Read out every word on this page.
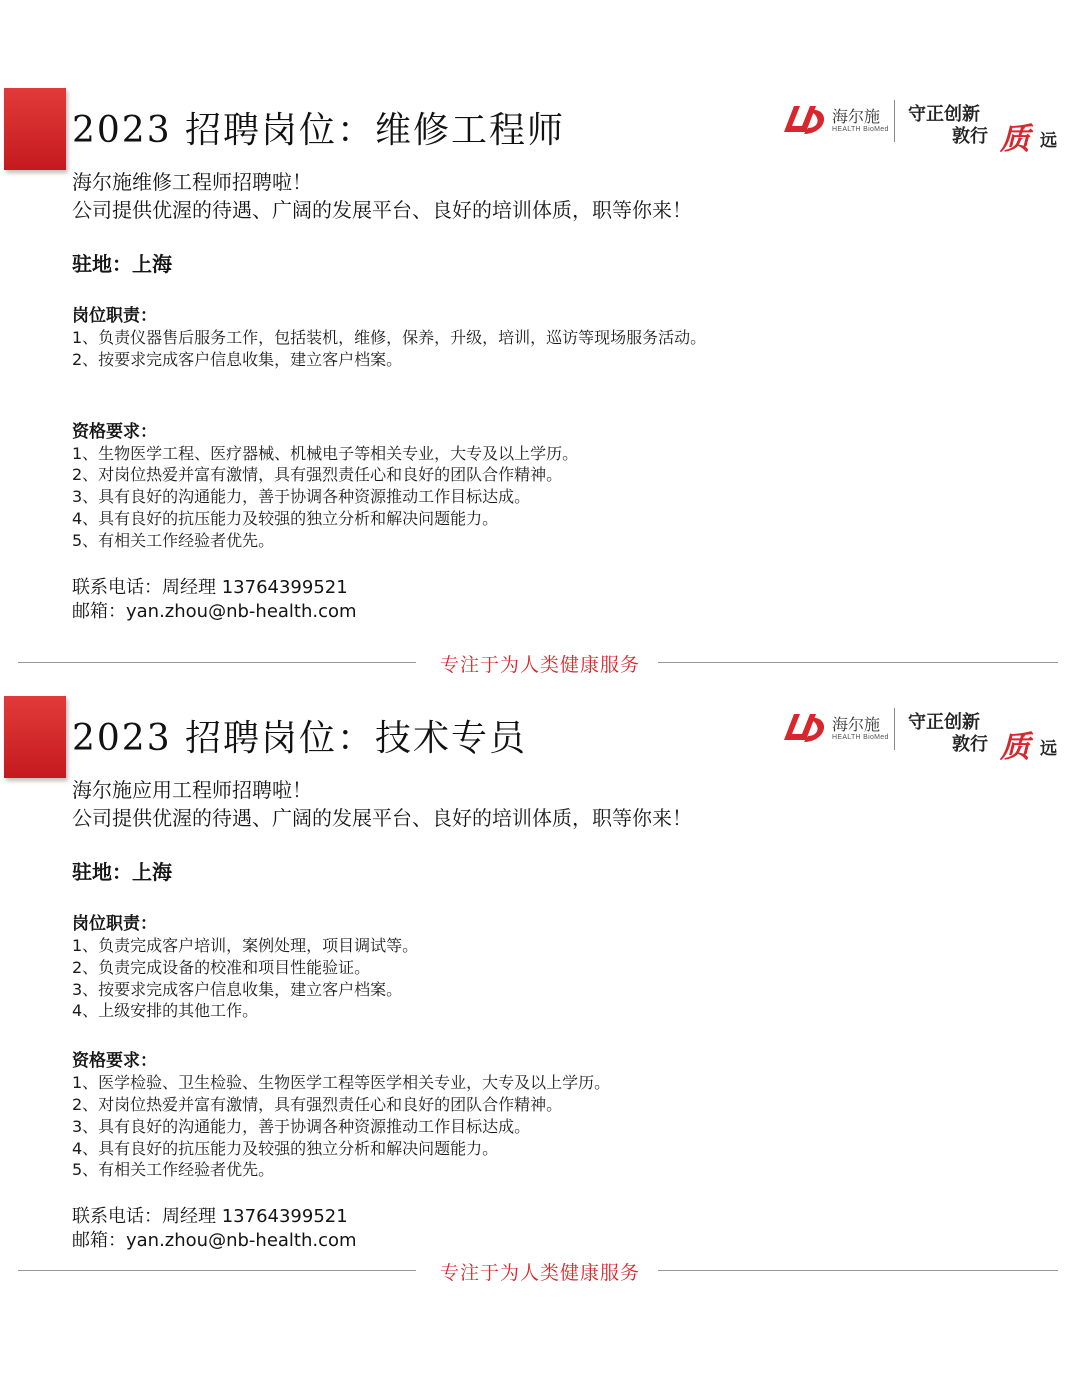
2023 招聘岗位：维修工程师	海尔施
HEALTH BioMed
守正创新
敦行 质 远
海尔施维修工程师招聘啦！
公司提供优渥的待遇、广阔的发展平台、良好的培训体质，职等你来！
驻地：上海
岗位职责：
1、负责仪器售后服务工作，包括装机，维修，保养，升级，培训，巡访等现场服务活动。
2、按要求完成客户信息收集，建立客户档案。
资格要求：
1、生物医学工程、医疗器械、机械电子等相关专业，大专及以上学历。
2、对岗位热爱并富有激情，具有强烈责任心和良好的团队合作精神。
3、具有良好的沟通能力，善于协调各种资源推动工作目标达成。
4、具有良好的抗压能力及较强的独立分析和解决问题能力。
5、有相关工作经验者优先。
联系电话：周经理 13764399521
邮箱：yan.zhou@nb-health.com
专注于为人类健康服务
2023 招聘岗位：技术专员	海尔施
HEALTH BioMed
守正创新
敦行 质 远
海尔施应用工程师招聘啦！
公司提供优渥的待遇、广阔的发展平台、良好的培训体质，职等你来！
驻地：上海
岗位职责：
1、负责完成客户培训，案例处理，项目调试等。
2、负责完成设备的校准和项目性能验证。
3、按要求完成客户信息收集，建立客户档案。
4、上级安排的其他工作。
资格要求：
1、医学检验、卫生检验、生物医学工程等医学相关专业，大专及以上学历。
2、对岗位热爱并富有激情，具有强烈责任心和良好的团队合作精神。
3、具有良好的沟通能力，善于协调各种资源推动工作目标达成。
4、具有良好的抗压能力及较强的独立分析和解决问题能力。
5、有相关工作经验者优先。
联系电话：周经理 13764399521
邮箱：yan.zhou@nb-health.com
专注于为人类健康服务
